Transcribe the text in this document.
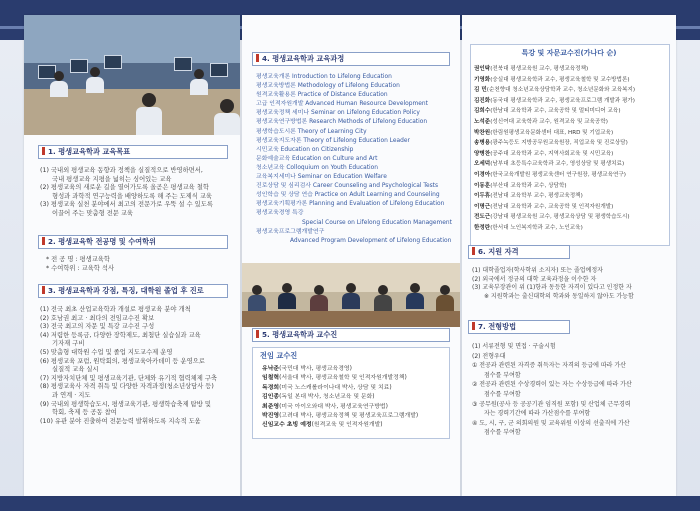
1. 평생교육학과 교육목표
(1) 국내외 평생교육 동향과 정책을 실질적으로 반영하면서,
국내 평생교육 지평을 넓히는 싱어있는 교육
(2) 평생교육의 새로운 길을 열어가도록 올곧은 평생교육 철학
형성과 과학적 연구능력을 배양하도록 해 주는 도제식 교육
(3) 평생교육 실천 분야에서 최고의 전문가로 우뚝 설 수 있도록
이끌어 주는 맞춤형 전문 교육
2. 평생교육학 전공명 및 수여학위
* 전 공 명 : 평생교육학
* 수여학위 : 교육학 석사
3. 평생교육학과 강점, 특징, 대학원 졸업 후 진로
(1) 전국 최초 산업교육학과 개설로 평생교육 분야 개척
(2) 호남권 최고 · 최다의 전임교수진 확보
(3) 전국 최고의 자문 및 특강 교수진 구성
(4) 저렴한 등록금, 다양한 장학제도, 최첨단 실습실과 교육
기자재 구비
(5) 맞춤형 대학원 수업 및 졸업 지도교수제 운영
(6) 평생교육 포럼, 원탁회의, 평생교육아카데미 등 운영으로
실질적 교육 실시
(7) 지방자치단체 및 평생교육기관, 단체와 유기적 협력체제 구축
(8) 평생교육사 자격 취득 및 다양한 자격과정(청소년상담사 등)
과 연계 · 지도
(9) 국내외 평생학습도시, 평생교육기관, 평생학습축제 탐방 및
학회, 축제 등 공동 참여
(10) 유관 분야 진출하여 전문능력 발휘하도록 지속적 도움
4. 평생교육학과 교육과정
평생교육개론 Introduction to Lifelong Education
평생교육방법론 Methodology of Lifelong Education
원격교육활용론 Practice of Distance Education
고급 인적자원개발 Advanced Human Resource Development
평생교육정책 세미나 Seminar on Lifelong Education Policy
평생교육연구방법론 Research Methods of Lifelong Education
평생학습도시론 Theory of Learning City
평생교육지도자론 Theory of Lifelong Education Leader
시민교육 Education on Citizenship
문화예술교육 Education on Culture and Art
청소년교육 Colloquium on Youth Education
교육복지세미나 Seminar on Education Welfare
진로상담 및 심리검사 Career Counseling and Psychological Tests
성인학습 및 상담 연습 Practice on Adult Learning and Counseling
평생교육기획평가론 Planning and Evaluation of Lifelong Education
평생교육경영 특강
Special Course on Lifelong Education Management
평생교육프로그램개발연구
Advanced Program Development of Lifelong Education
5. 평생교육학과 교수진
전임 교수진
유낙준(국민대 박사, 평생교육경영)
임철혁(서울대 박사, 평생교육철학 및 인적자원개발정책)
독경희(미국 노스캐롤라이나대 박사, 상담 및 치료)
김인종(독일 본대 박사, 청소년교육 및 문화)
최준영(미국 아이오와대 박사, 평생교육연구방법)
박진영(고려대 박사, 평생교육정책 및 평생교육프로그램개발)
신임교수 초빙 예정(원격교육 및 인적자원개발)
특강 및 자문교수진(가나다 순)
권인탁(전북대 평생교육원 교수, 평생교육정책)
기영화(숭실대 평생교육학과 교수, 평생교육철학 및 교수방법론)
김 민(순천향대 청소년교육상담학과 교수, 청소년문화와 교육복지)
김진화(동국대 평생교육학과 교수, 평생교육프로그램 개발과 평가)
김희수(한남대 교육학과 교수, 교육공학 및 멀티미디어 교육)
노석준(성신여대 교육학과 교수, 원격교육 및 교육공학)
박찬원(한림원평생교육문화센터 대표, HRD 및 기업교육)
송병용(광주녹등도 지방공무원교육원장, 직업교육 및 진로상담)
양병찬(공주대 교육학과 교수, 지역사회교육 및 시민교육)
오세덕(남부대 초등특수교육학과 교수, 영성상담 및 평생치료)
이경아(한국교육개발원 평생교육센터 연구원장, 평생교육연구)
이동훈(부산대 교육학과 교수, 상담학)
이두휴(전남대 교육학부 교수, 평생교육정책)
이명근(전남대 교육학과 교수, 교육공학 및 인적자원개발)
전도근(강남대 평생교육원 교수, 평생교육상담 및 평생학습도시)
한정란(한서대 노인복지학과 교수, 노인교육)
6. 지원 자격
(1) 대학졸업자(학사학위 소지자) 또는 졸업예정자
(2) 외국에서 정규의 대학 교육과정을 이수한 자
(3) 교육부장관이 위 (1)항과 동등한 자격이 있다고 인정한 자
※ 지원학과는 출신대학의 학과와 동일하지 않아도 가능함
7. 전형방법
(1) 서류전형 및 면접 · 구술시험
(2) 전형우대
① 전공과 관련된 자격증 취득자는 자격의 등급에 따라 가산
점수를 부여함
② 전공과 관련된 수상경력이 있는 자는 수상등급에 따라 가산
점수를 부여함
③ 공무원(공사 등 공공기관 임직원 포함) 및 산업체 근무경력
자는 경력기간에 따라 가산점수를 부여함
④ 도, 시, 구, 군 의회의원 및 교육위원 이상의 선출직에 가산
점수를 부여함
